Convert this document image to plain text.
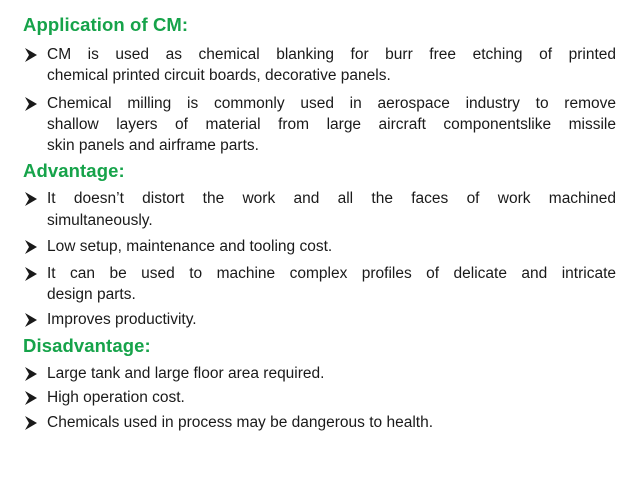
Application of CM:
CM is used as chemical blanking for burr free etching of printed
chemical printed circuit boards, decorative panels.
Chemical milling is commonly used in aerospace industry to remove
shallow layers of material from large aircraft componentslike missile
skin panels and airframe parts.
Advantage:
It doesn’t distort the work and all the faces of work machined
simultaneously.
Low setup, maintenance and tooling cost.
It can be used to machine complex profiles of delicate and intricate
design parts.
Improves productivity.
Disadvantage:
Large tank and large floor area required.
High operation cost.
Chemicals used in process may be dangerous to health.
